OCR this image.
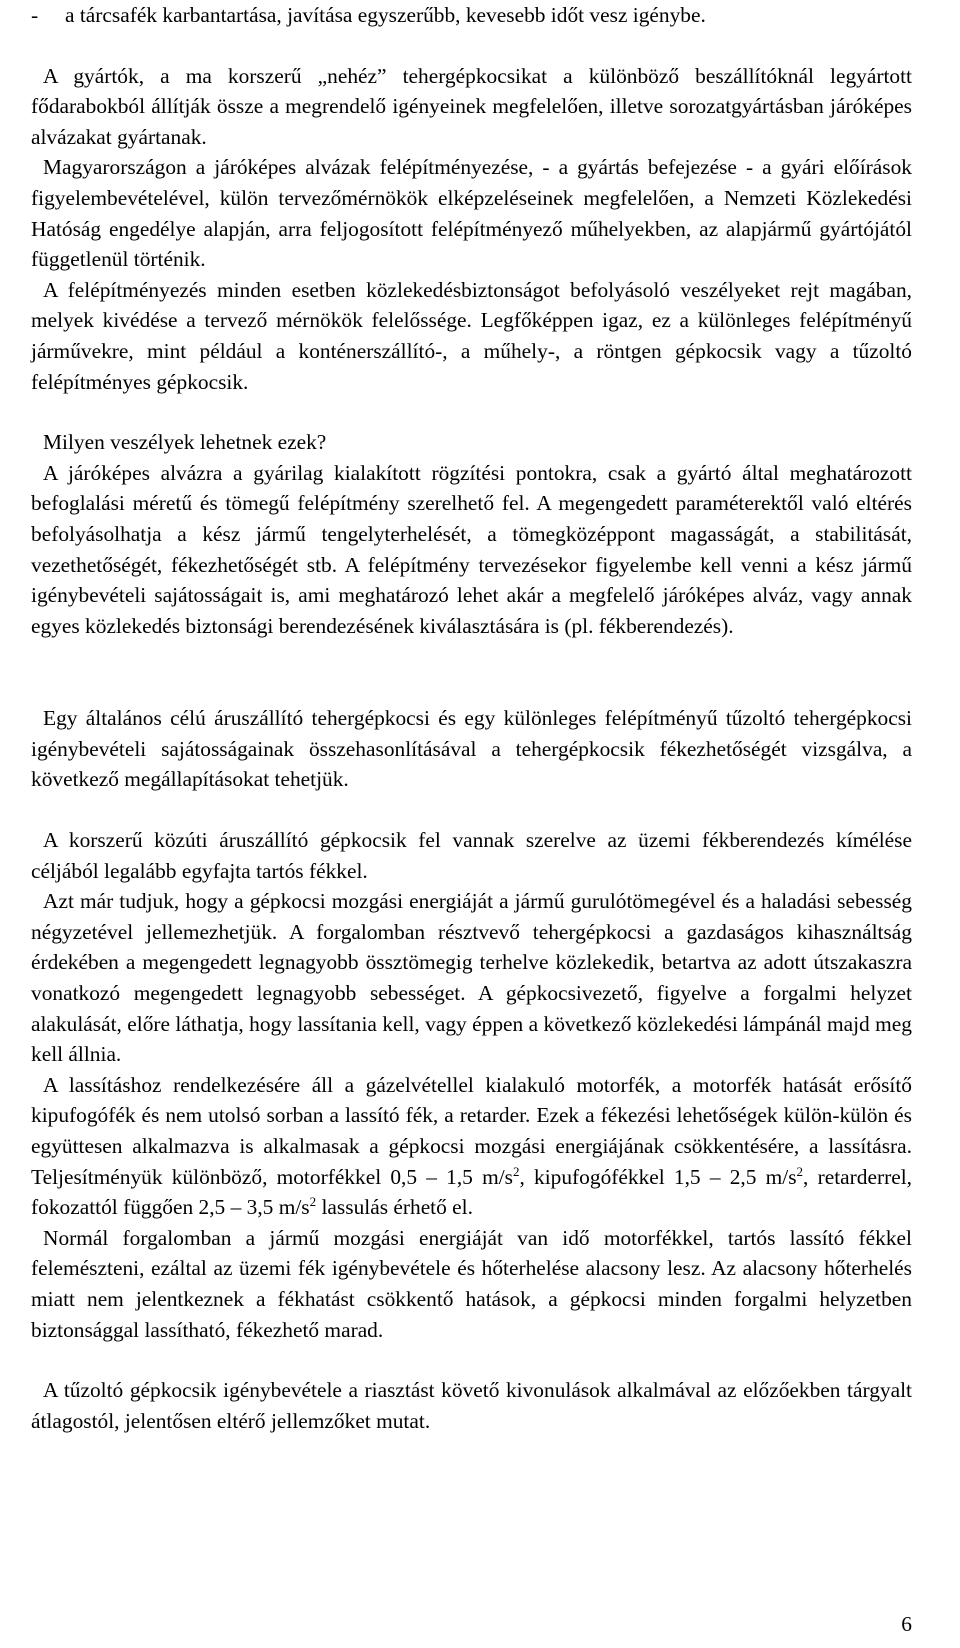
- a tárcsafék karbantartása, javítása egyszerűbb, kevesebb időt vesz igénybe.

A gyártók, a ma korszerű „nehéz” tehergépkocsikat a különböző beszállítóknál legyártott fődarabokból állítják össze a megrendelő igényeinek megfelelően, illetve sorozatgyártásban járóképes alvázakat gyártanak.

Magyarországon a járóképes alvázak felépítményezése, - a gyártás befejezése - a gyári előírások figyelembevételével, külön tervezőmérnökök elképzeléseinek megfelelően, a Nemzeti Közlekedési Hatóság engedélye alapján, arra feljogosított felépítményező műhelyekben, az alapjármű gyártójától függetlenül történik.

A felépítményezés minden esetben közlekedésbiztonságot befolyásoló veszélyeket rejt magában, melyek kivédése a tervező mérnökök felelőssége. Legfőképpen igaz, ez a különleges felépítményű járművekre, mint például a konténerszállító-, a műhely-, a röntgen gépkocsik vagy a tűzoltó felépítményes gépkocsik.

Milyen veszélyek lehetnek ezek?

A járóképes alvázra a gyárilag kialakított rögzítési pontokra, csak a gyártó által meghatározott befoglalási méretű és tömegű felépítmény szerelhető fel. A megengedett paraméterektől való eltérés befolyásolhatja a kész jármű tengelyterhelését, a tömegközéppont magasságát, a stabilitását, vezethetőségét, fékezhetőségét stb. A felépítmény tervezésekor figyelembe kell venni a kész jármű igénybevételi sajátosságait is, ami meghatározó lehet akár a megfelelő járóképes alváz, vagy annak egyes közlekedés biztonsági berendezésének kiválasztására is (pl. fékberendezés).

Egy általános célú áruszállító tehergépkocsi és egy különleges felépítményű tűzoltó tehergépkocsi igénybevételi sajátosságainak összehasonlításával a tehergépkocsik fékezhetőségét vizsgálva, a következő megállapításokat tehetjük.

A korszerű közúti áruszállító gépkocsik fel vannak szerelve az üzemi fékberendezés kímélése céljából legalább egyfajta tartós fékkel.

Azt már tudjuk, hogy a gépkocsi mozgási energiáját a jármű gurulótömegével és a haladási sebesség négyzetével jellemezhetjük. A forgalomban résztvevő tehergépkocsi a gazdaságos kihasználtság érdekében a megengedett legnagyobb össztömegig terhelve közlekedik, betartva az adott útszakaszra vonatkozó megengedett legnagyobb sebességet. A gépkocsivezető, figyelve a forgalmi helyzet alakulását, előre láthatja, hogy lassítania kell, vagy éppen a következő közlekedési lámpánál majd meg kell állnia.

A lassításhoz rendelkezésére áll a gázelvétellel kialakuló motorfék, a motorfék hatását erősítő kipufogófék és nem utolsó sorban a lassító fék, a retarder. Ezek a fékezési lehetőségek külön-külön és együttesen alkalmazva is alkalmasak a gépkocsi mozgási energiájának csökkentésére, a lassításra. Teljesítményük különböző, motorfékkel 0,5 – 1,5 $m/s^2$, kipufogófékkel 1,5 – 2,5 $m/s^2$, retarderrel, fokozattól függően 2,5 – 3,5 $m/s^2$ lassulás érhető el.

Normál forgalomban a jármű mozgási energiáját van idő motorfékkel, tartós lassító fékkel felemészteni, ezáltal az üzemi fék igénybevétele és hőterhelése alacsony lesz. Az alacsony hőterhelés miatt nem jelentkeznek a fékhatást csökkentő hatások, a gépkocsi minden forgalmi helyzetben biztonsággal lassítható, fékezhető marad.

A tűzoltó gépkocsik igénybevétele a riasztást követő kivonulások alkalmával az előzőekben tárgyalt átlagostól, jelentősen eltérő jellemzőket mutat.

6
